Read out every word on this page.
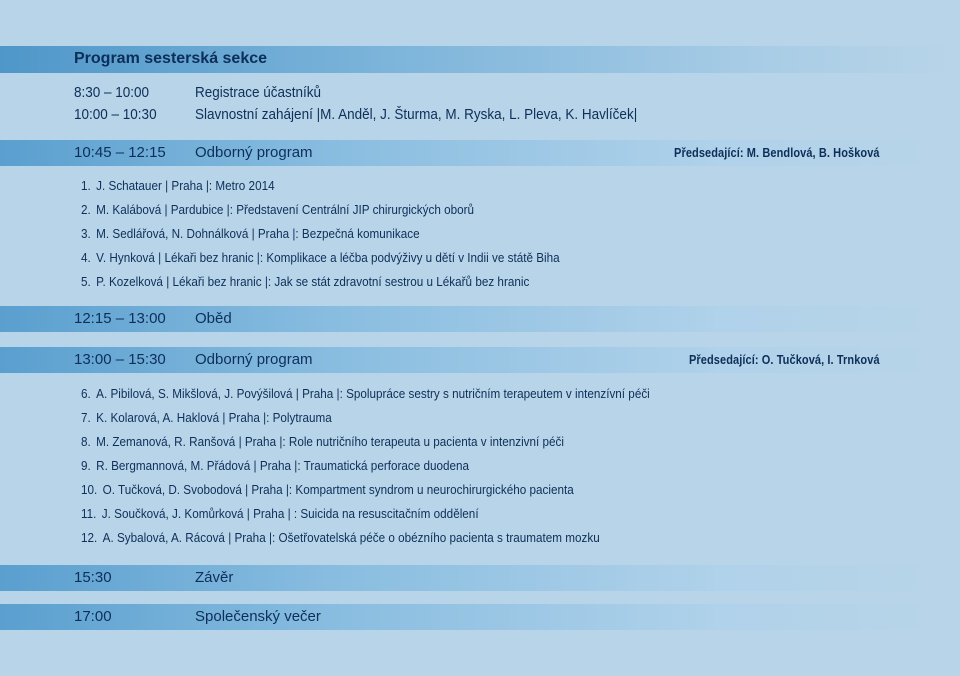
Program sesterská sekce
8:30 – 10:00	Registrace účastníků
10:00 – 10:30	Slavnostní zahájení |M. Anděl, J. Šturma, M. Ryska, L. Pleva, K. Havlíček|
10:45 – 12:15 Odborný program	Předsedající: M. Bendlová, B. Hošková
1. J. Schatauer | Praha |: Metro 2014
2. M. Kalábová | Pardubice |: Představení Centrální JIP chirurgických oborů
3. M. Sedlářová, N. Dohnálková | Praha |: Bezpečná komunikace
4. V. Hynková | Lékaři bez hranic |: Komplikace a léčba podvýživy u dětí v Indii ve státě Biha
5. P. Kozelková | Lékaři bez hranic |: Jak se stát zdravotní sestrou u Lékařů bez hranic
12:15 – 13:00 Oběd
13:00 – 15:30 Odborný program	Předsedající: O. Tučková, I. Trnková
6. A. Pibilová, S. Mikšlová, J. Povýšilová | Praha |: Spolupráce sestry s nutričním terapeutem v intenzívní péči
7. K. Kolarová, A. Haklová | Praha |: Polytrauma
8. M. Zemanová, R. Ranšová | Praha |: Role nutričního terapeuta u pacienta v intenzivní péči
9. R. Bergmannová, M. Přádová | Praha |: Traumatická perforace duodena
10. O. Tučková, D. Svobodová | Praha |: Kompartment syndrom u neurochirurgického pacienta
11. J. Součková, J. Komůrková | Praha | : Suicida na resuscitačním oddělení
12. A. Sybalová, A. Rácová | Praha |: Ošetřovatelská péče o obézního pacienta s traumatem mozku
15:30	Závěr
17:00	Společenský večer
